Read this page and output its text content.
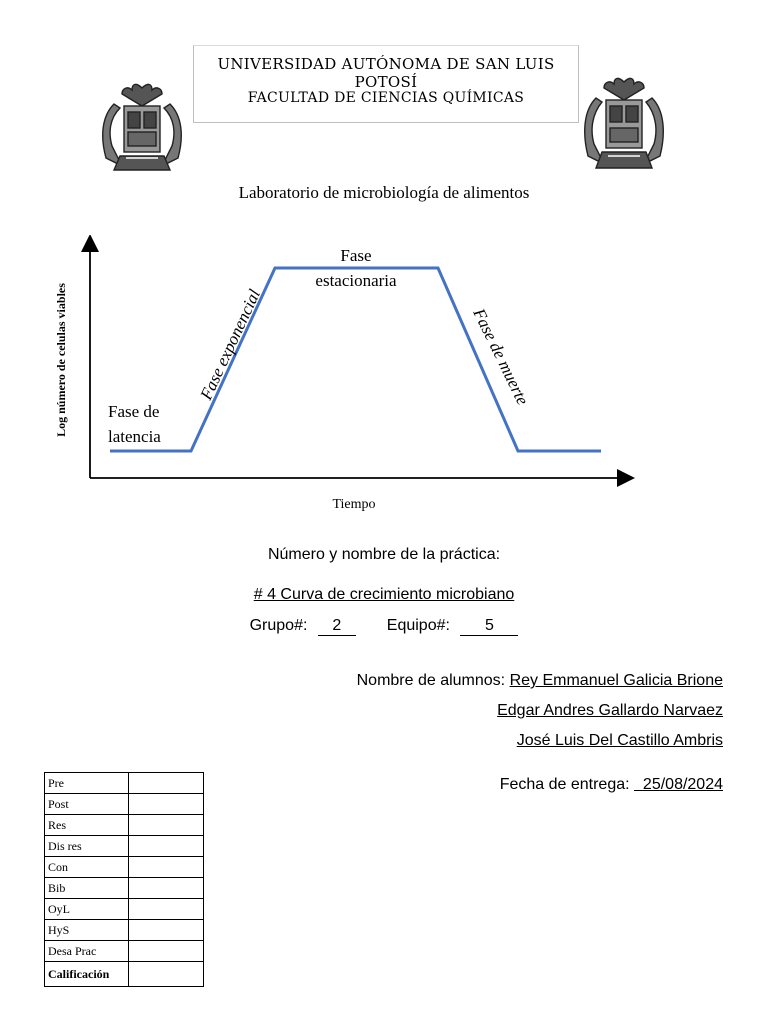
UNIVERSIDAD AUTÓNOMA DE SAN LUIS POTOSÍ
FACULTAD DE CIENCIAS QUÍMICAS
Laboratorio de microbiología de alimentos
Log número de celulas viables
Tiempo
Fase de
latencia
Fase exponencial
Fase
estacionaria
Fase de muerte
Número y nombre de la práctica:
# 4 Curva de crecimiento microbiano
Grupo#: 2	Equipo#: 5
Nombre de alumnos: Rey Emmanuel Galicia Brione
Edgar Andres Gallardo Narvaez
José Luis Del Castillo Ambris
Fecha de entrega: 25/08/2024
Pre	
Post	
Res	
Dis res	
Con	
Bib	
OyL	
HyS	
Desa Prac	
Calificación	
